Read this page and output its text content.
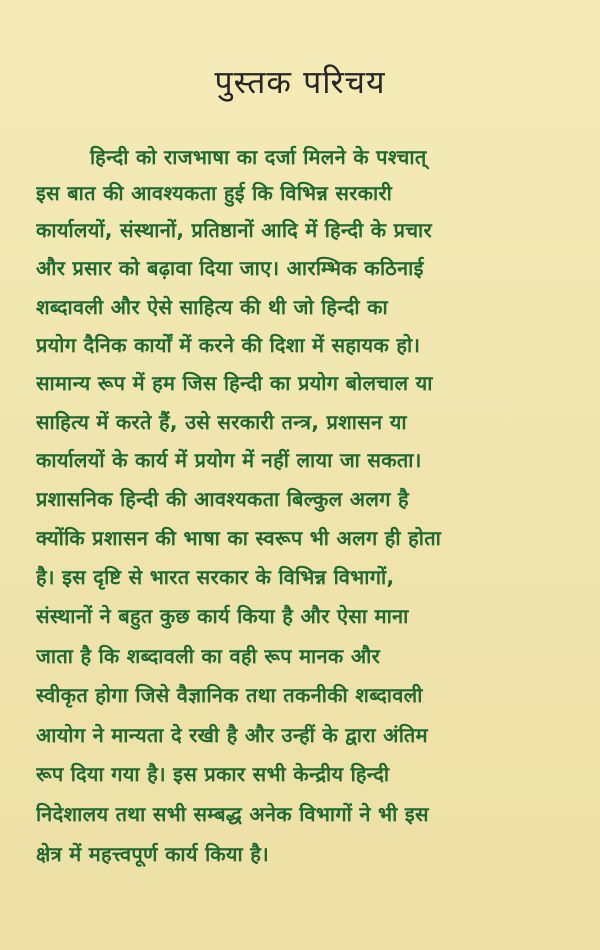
पुस्तक परिचय
हिन्दी को राजभाषा का दर्जा मिलने के पश्चात्
इस बात की आवश्यकता हुई कि विभिन्न सरकारी
कार्यालयों, संस्थानों, प्रतिष्ठानों आदि में हिन्दी के प्रचार
और प्रसार को बढ़ावा दिया जाए। आरम्भिक कठिनाई
शब्दावली और ऐसे साहित्य की थी जो हिन्दी का
प्रयोग दैनिक कार्यों में करने की दिशा में सहायक हो।
सामान्य रूप में हम जिस हिन्दी का प्रयोग बोलचाल या
साहित्य में करते हैं, उसे सरकारी तन्त्र, प्रशासन या
कार्यालयों के कार्य में प्रयोग में नहीं लाया जा सकता।
प्रशासनिक हिन्दी की आवश्यकता बिल्कुल अलग है
क्योंकि प्रशासन की भाषा का स्वरूप भी अलग ही होता
है। इस दृष्टि से भारत सरकार के विभिन्न विभागों,
संस्थानों ने बहुत कुछ कार्य किया है और ऐसा माना
जाता है कि शब्दावली का वही रूप मानक और
स्वीकृत होगा जिसे वैज्ञानिक तथा तकनीकी शब्दावली
आयोग ने मान्यता दे रखी है और उन्हीं के द्वारा अंतिम
रूप दिया गया है। इस प्रकार सभी केन्द्रीय हिन्दी
निदेशालय तथा सभी सम्बद्ध अनेक विभागों ने भी इस
क्षेत्र में महत्त्वपूर्ण कार्य किया है।
